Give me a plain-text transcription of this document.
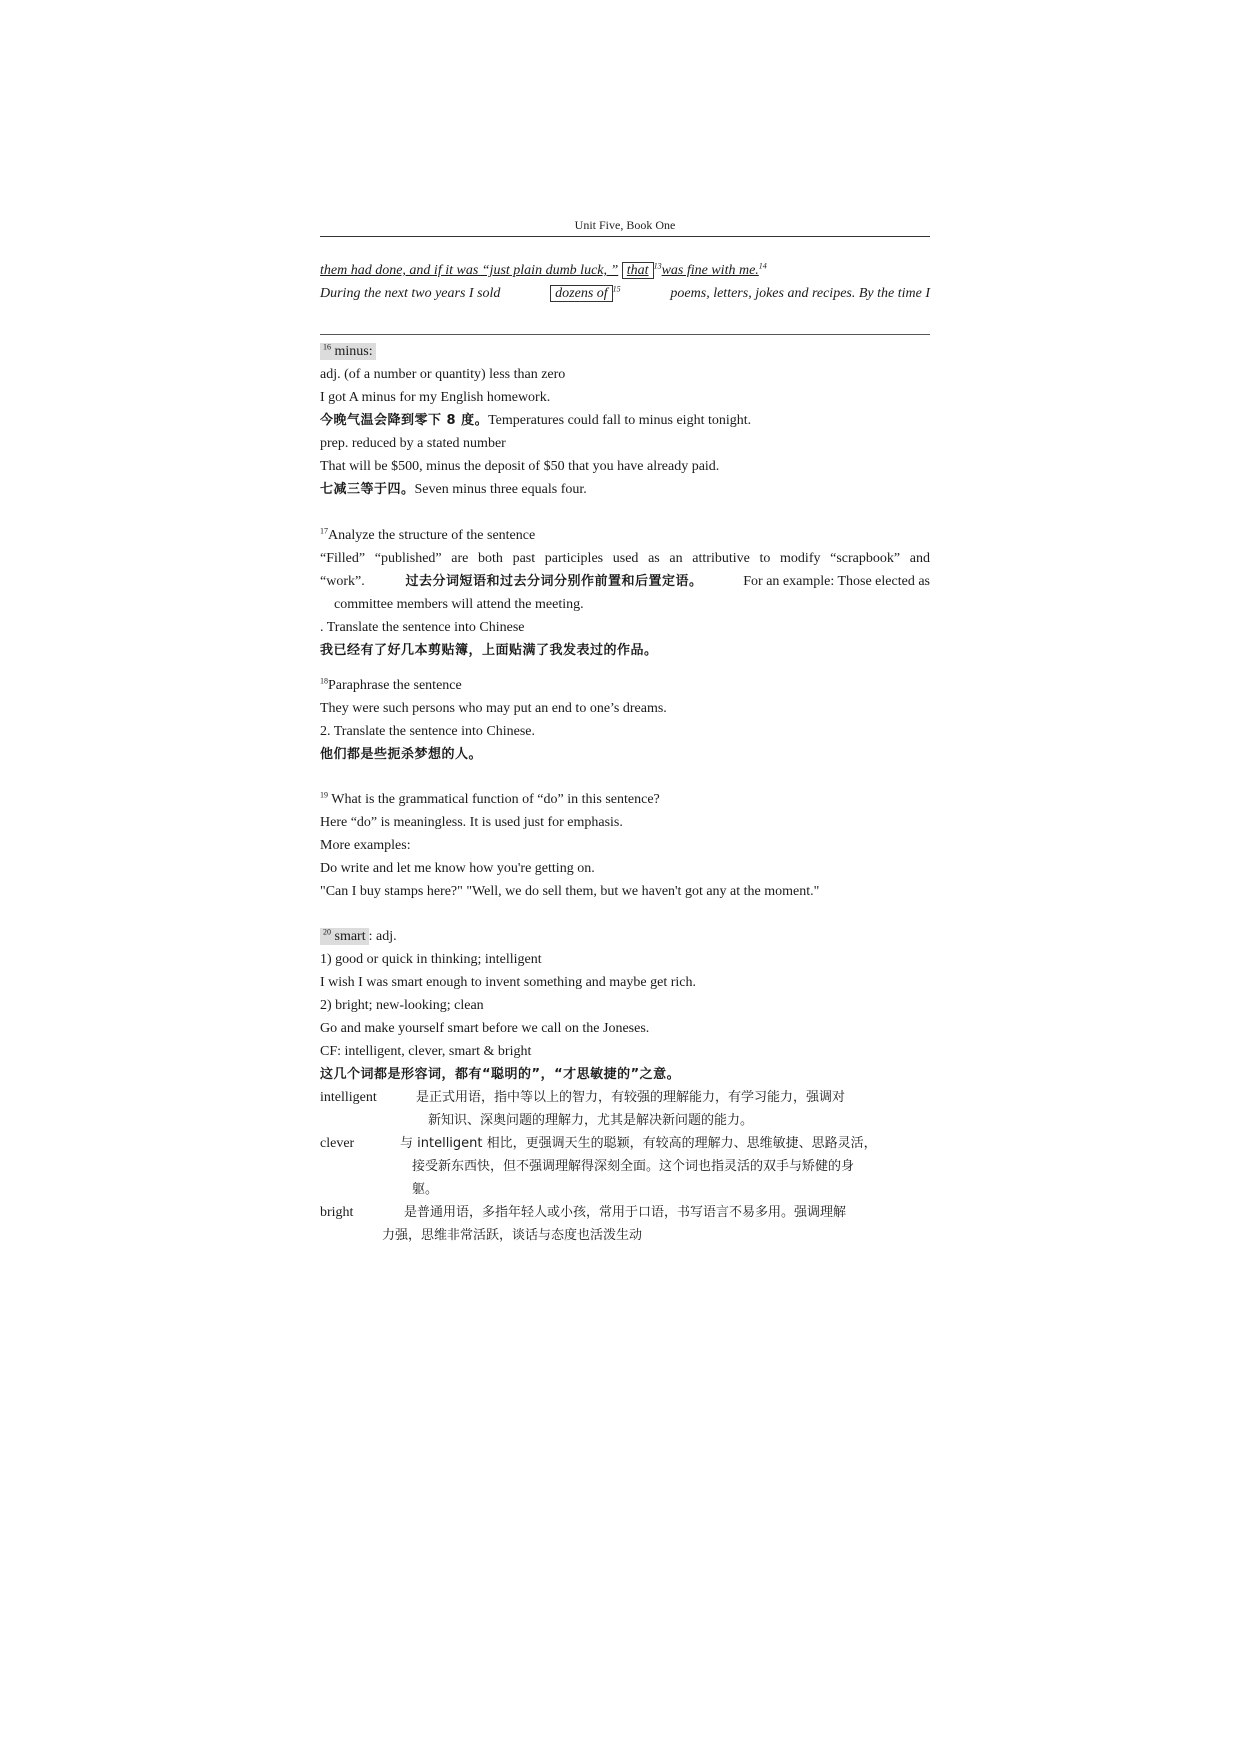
Unit Five, Book One
them had done, and if it was “just plain dumb luck, ” that $^{13}$was fine with me.$^{14}$
During the next two years I sold	dozens of $^{15}$	poems, letters, jokes and recipes. By the time I
$^{16}$ minus:
adj. (of a number or quantity) less than zero
I got A minus for my English homework.
今晚气温会降到零下 8 度。Temperatures could fall to minus eight tonight.
prep. reduced by a stated number
That will be $500, minus the deposit of $50 that you have already paid.
七减三等于四。Seven minus three equals four.
$^{17}$Analyze the structure of the sentence
“Filled” “published” are both past participles used as an attributive to modify “scrapbook” and
“work”.	过去分词短语和过去分词分别作前置和后置定语。	For an example: Those elected as
committee members will attend the meeting.
. Translate the sentence into Chinese
我已经有了好几本剪贴簿，上面贴满了我发表过的作品。
$^{18}$Paraphrase the sentence
They were such persons who may put an end to one’s dreams.
2. Translate the sentence into Chinese.
他们都是些扼杀梦想的人。
$^{19}$ What is the grammatical function of “do” in this sentence?
Here “do” is meaningless. It is used just for emphasis.
More examples:
Do write and let me know how you're getting on.
"Can I buy stamps here?" "Well, we do sell them, but we haven't got any at the moment."
$^{20}$ smart : adj.
1) good or quick in thinking; intelligent
I wish I was smart enough to invent something and maybe get rich.
2) bright; new-looking; clean
Go and make yourself smart before we call on the Joneses.
CF: intelligent, clever, smart & bright
这几个词都是形容词，都有“聪明的”，“才思敏捷的”之意。
intelligent	是正式用语，指中等以上的智力，有较强的理解能力，有学习能力，强调对
新知识、深奥问题的理解力，尤其是解决新问题的能力。
clever	与 intelligent 相比，更强调天生的聪颖，有较高的理解力、思维敏捷、思路灵活，
接受新东西快，但不强调理解得深刻全面。这个词也指灵活的双手与矫健的身
躯。
bright	是普通用语，多指年轻人或小孩，常用于口语，书写语言不易多用。强调理解
力强，思维非常活跃，谈话与态度也活泼生动
